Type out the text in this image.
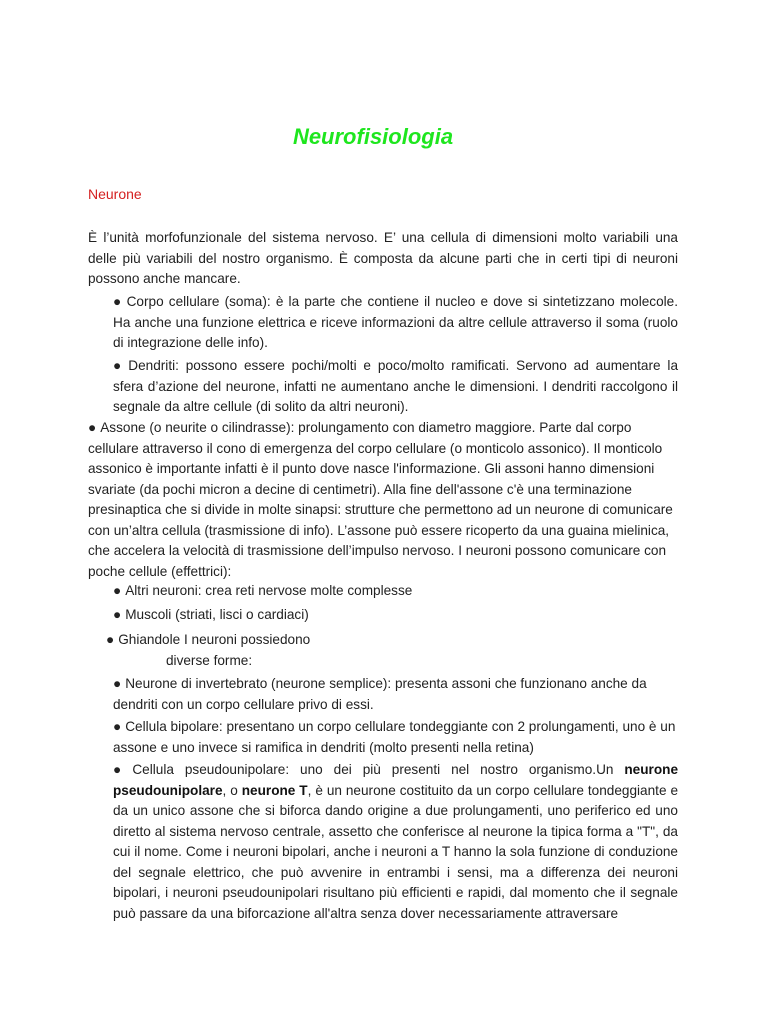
Neurofisiologia
Neurone

È l’unità morfofunzionale del sistema nervoso. E’ una cellula di dimensioni molto variabili una delle più variabili del nostro organismo. È composta da alcune parti che in certi tipi di neuroni possono anche mancare.

● Corpo cellulare (soma): è la parte che contiene il nucleo e dove si sintetizzano molecole. Ha anche una funzione elettrica e riceve informazioni da altre cellule attraverso il soma (ruolo di integrazione delle info).

● Dendriti: possono essere pochi/molti e poco/molto ramificati. Servono ad aumentare la sfera d’azione del neurone, infatti ne aumentano anche le dimensioni. I dendriti raccolgono il segnale da altre cellule (di solito da altri neuroni).

● Assone (o neurite o cilindrasse): prolungamento con diametro maggiore. Parte dal corpo cellulare attraverso il cono di emergenza del corpo cellulare (o monticolo assonico). Il monticolo assonico è importante infatti è il punto dove nasce l'informazione. Gli assoni hanno dimensioni svariate (da pochi micron a decine di centimetri). Alla fine dell'assone c'è una terminazione presinaptica che si divide in molte sinapsi: strutture che permettono ad un neurone di comunicare con un’altra cellula (trasmissione di info). L’assone può essere ricoperto da una guaina mielinica, che accelera la velocità di trasmissione dell’impulso nervoso. I neuroni possono comunicare con poche cellule (effettrici):

● Altri neuroni: crea reti nervose molte complesse

● Muscoli (striati, lisci o cardiaci)

● Ghiandole I neuroni possiedono

diverse forme:

● Neurone di invertebrato (neurone semplice): presenta assoni che funzionano anche da dendriti con un corpo cellulare privo di essi.

● Cellula bipolare: presentano un corpo cellulare tondeggiante con 2 prolungamenti, uno è un assone e uno invece si ramifica in dendriti (molto presenti nella retina)

● Cellula pseudounipolare: uno dei più presenti nel nostro organismo.Un neurone pseudounipolare, o neurone T, è un neurone costituito da un corpo cellulare tondeggiante e da un unico assone che si biforca dando origine a due prolungamenti, uno periferico ed uno diretto al sistema nervoso centrale, assetto che conferisce al neurone la tipica forma a "T", da cui il nome. Come i neuroni bipolari, anche i neuroni a T hanno la sola funzione di conduzione del segnale elettrico, che può avvenire in entrambi i sensi, ma a differenza dei neuroni bipolari, i neuroni pseudounipolari risultano più efficienti e rapidi, dal momento che il segnale può passare da una biforcazione all'altra senza dover necessariamente attraversare
